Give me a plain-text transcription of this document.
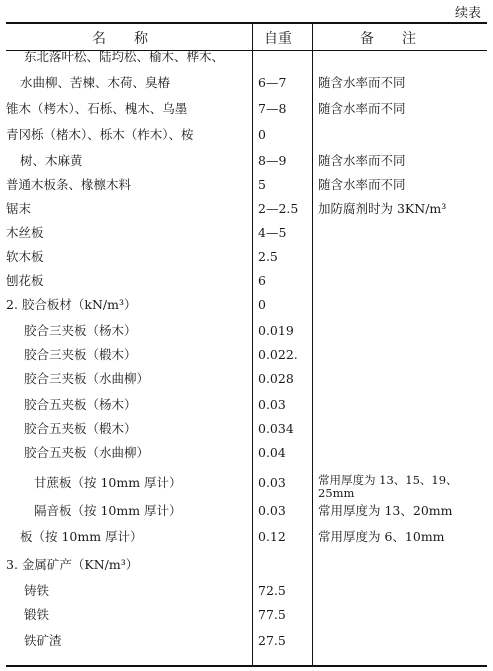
续表
名　　称	自重	备　　注
东北落叶松、陆均松、榆木、桦木、
水曲柳、苦楝、木荷、臭椿	6—7	随含水率而不同
锥木（栲木）、石栎、槐木、乌墨	7—8	随含水率而不同
青冈栎（楮木）、栎木（柞木）、桉	0
树、木麻黄	8—9	随含水率而不同
普通木板条、椽檩木料	5	随含水率而不同
锯末	2—2.5 加防腐剂时为 3KN/m³
木丝板	4—5
软木板	2.5
刨花板	6
2. 胶合板材（kN/m³）	0
胶合三夹板（杨木）	0.019
胶合三夹板（椴木）	0.022.
胶合三夹板（水曲柳）	0.028
胶合五夹板（杨木）	0.03
胶合五夹板（椴木）	0.034
胶合五夹板（水曲柳）	0.04
甘蔗板（按 10mm 厚计）	0.03	常用厚度为 13、15、19、25mm
隔音板（按 10mm 厚计）	0.03	常用厚度为 13、20mm
板（按 10mm 厚计）	0.12	常用厚度为 6、10mm
3. 金属矿产（KN/m³）
铸铁	72.5
锻铁	77.5
铁矿渣	27.5
